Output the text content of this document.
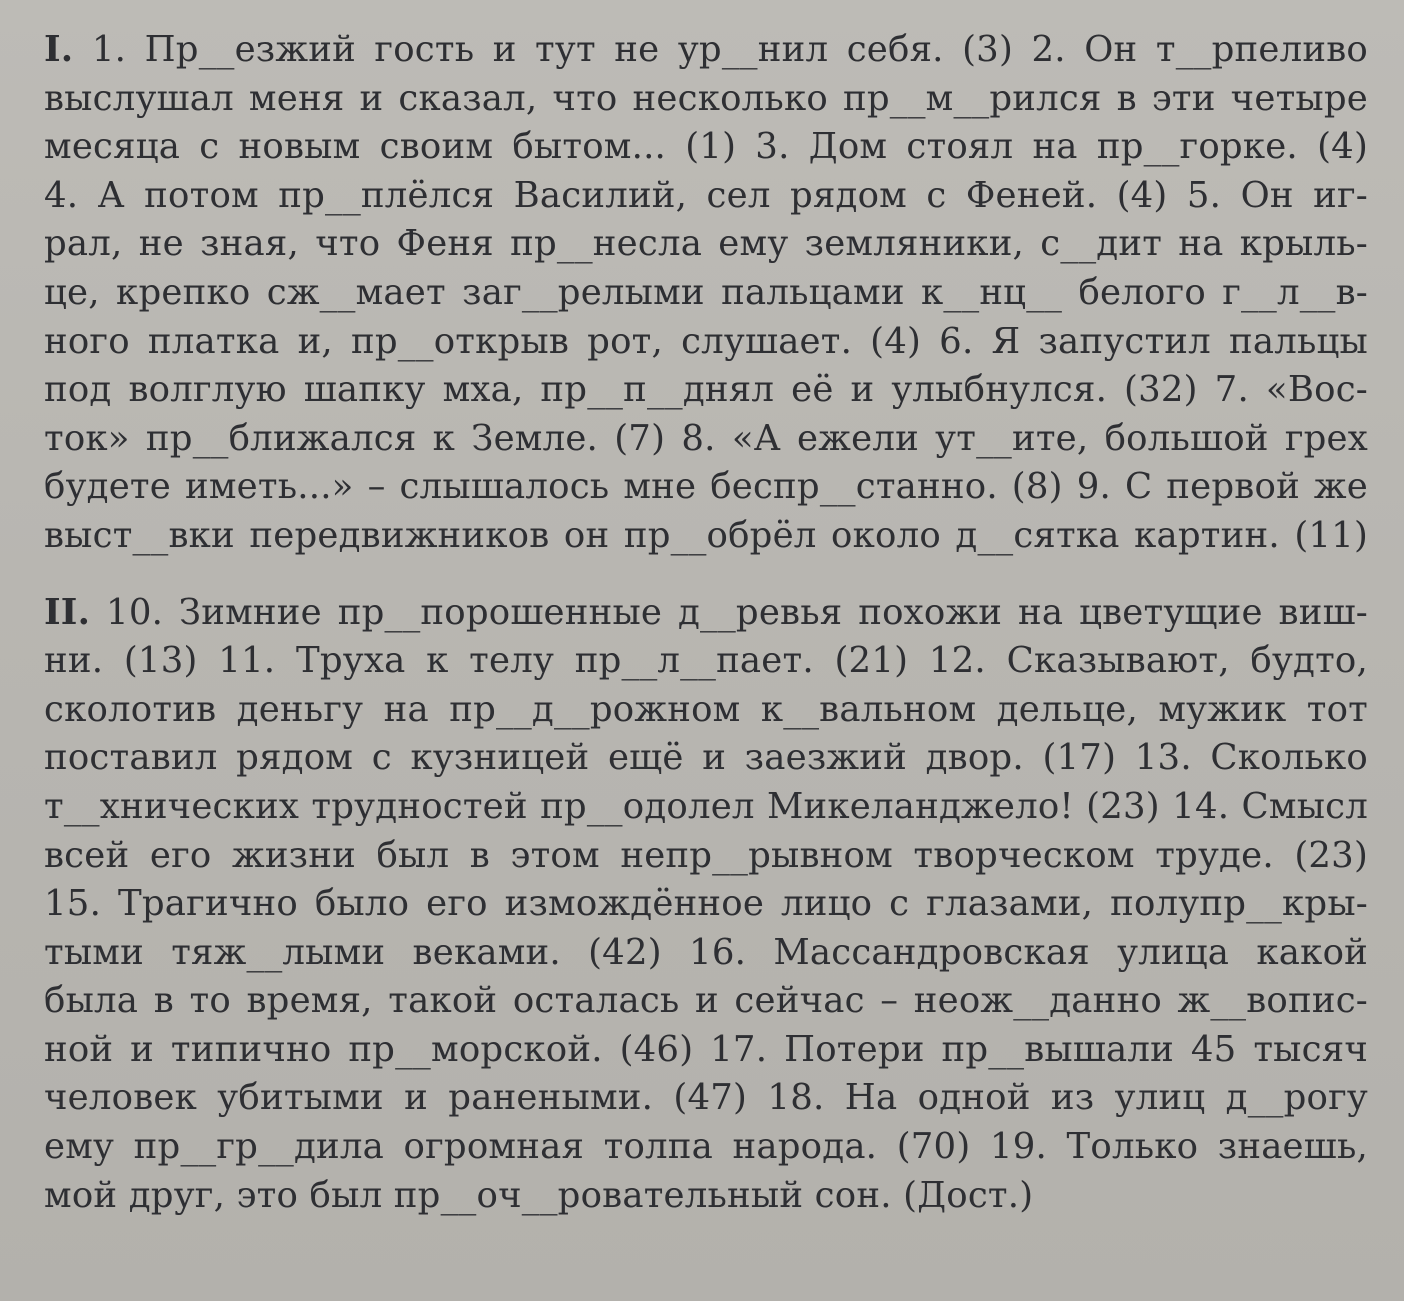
I. 1. Пр__езжий гость и тут не ур__нил себя. (3) 2. Он т__рпеливо
выслушал меня и сказал, что несколько пр__м__рился в эти четыре
месяца с новым своим бытом... (1) 3. Дом стоял на пр__горке. (4)
4. А потом пр__плёлся Василий, сел рядом с Феней. (4) 5. Он иг-
рал, не зная, что Феня пр__несла ему земляники, с__дит на крыль-
це, крепко сж__мает заг__релыми пальцами к__нц__ белого г__л__в-
ного платка и, пр__открыв рот, слушает. (4) 6. Я запустил пальцы
под волглую шапку мха, пр__п__днял её и улыбнулся. (32) 7. «Вос-
ток» пр__ближался к Земле. (7) 8. «А ежели ут__ите, большой грех
будете иметь...» – слышалось мне беспр__станно. (8) 9. С первой же
выст__вки передвижников он пр__обрёл около д__сятка картин. (11)
II. 10. Зимние пр__порошенные д__ревья похожи на цветущие виш-
ни. (13) 11. Труха к телу пр__л__пает. (21) 12. Сказывают, будто,
сколотив деньгу на пр__д__рожном к__вальном дельце, мужик тот
поставил рядом с кузницей ещё и заезжий двор. (17) 13. Сколько
т__хнических трудностей пр__одолел Микеланджело! (23) 14. Смысл
всей его жизни был в этом непр__рывном творческом труде. (23)
15. Трагично было его измождённое лицо с глазами, полупр__кры-
тыми тяж__лыми веками. (42) 16. Массандровская улица какой
была в то время, такой осталась и сейчас – неож__данно ж__вопис-
ной и типично пр__морской. (46) 17. Потери пр__вышали 45 тысяч
человек убитыми и ранеными. (47) 18. На одной из улиц д__рогу
ему пр__гр__дила огромная толпа народа. (70) 19. Только знаешь,
мой друг, это был пр__оч__ровательный сон. (Дост.)
